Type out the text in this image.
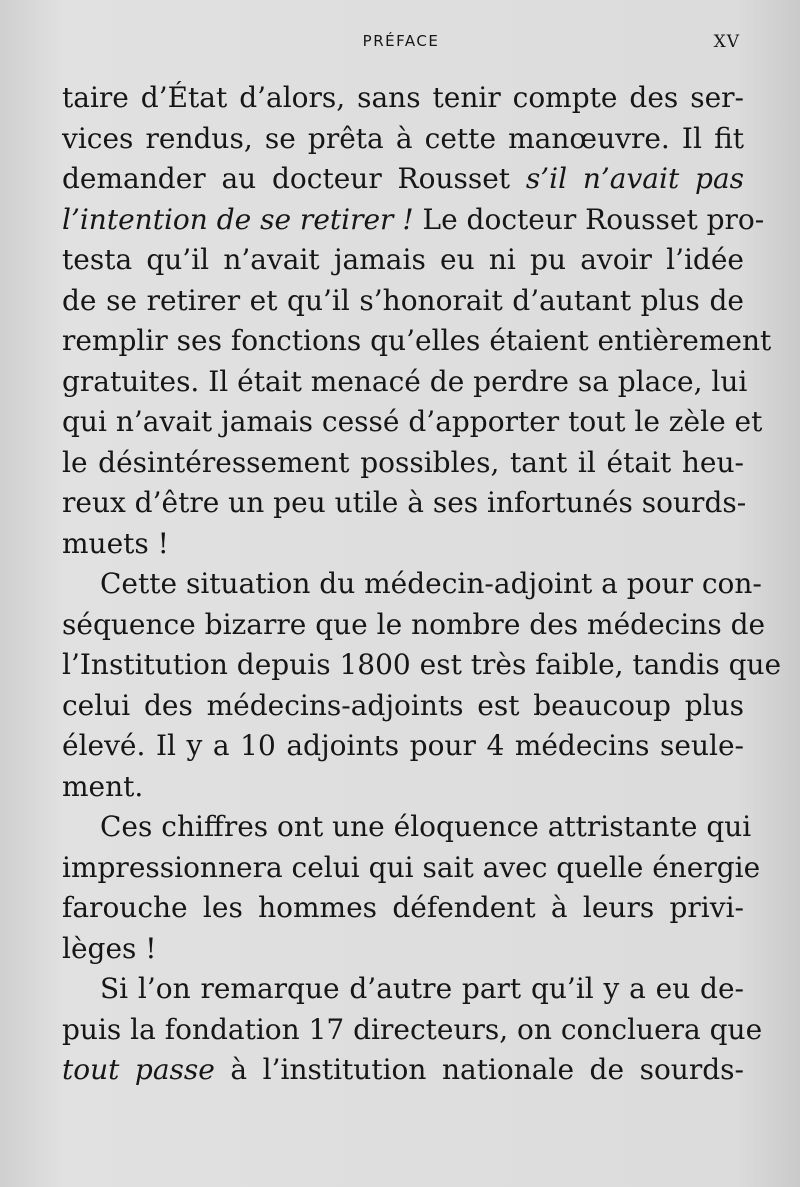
PRÉFACE	XV
taire d’État d’alors, sans tenir compte des ser-
vices rendus, se prêta à cette manœuvre. Il fit
demander au docteur Rousset s’il n’avait pas
l’intention de se retirer ! Le docteur Rousset pro-
testa qu’il n’avait jamais eu ni pu avoir l’idée
de se retirer et qu’il s’honorait d’autant plus de
remplir ses fonctions qu’elles étaient entièrement
gratuites. Il était menacé de perdre sa place, lui
qui n’avait jamais cessé d’apporter tout le zèle et
le désintéressement possibles, tant il était heu-
reux d’être un peu utile à ses infortunés sourds-
muets !
Cette situation du médecin-adjoint a pour con-
séquence bizarre que le nombre des médecins de
l’Institution depuis 1800 est très faible, tandis que
celui des médecins-adjoints est beaucoup plus
élevé. Il y a 10 adjoints pour 4 médecins seule-
ment.
Ces chiffres ont une éloquence attristante qui
impressionnera celui qui sait avec quelle énergie
farouche les hommes défendent à leurs privi-
lèges !
Si l’on remarque d’autre part qu’il y a eu de-
puis la fondation 17 directeurs, on concluera que
tout passe à l’institution nationale de sourds-
